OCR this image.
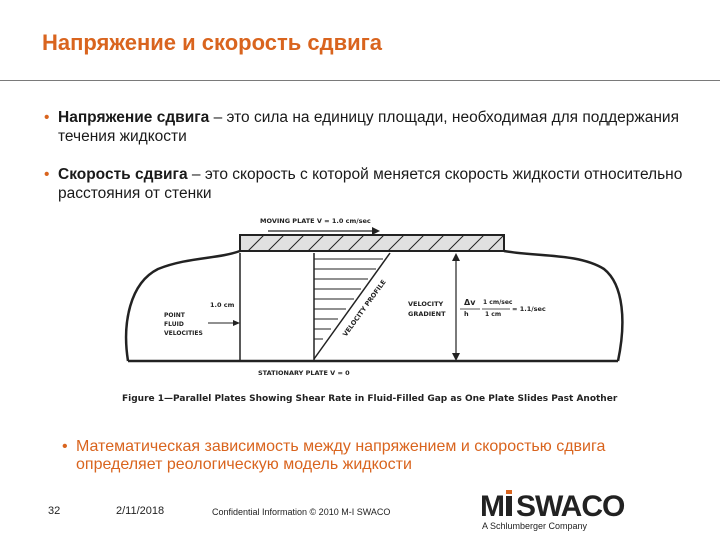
Напряжение и скорость сдвига
• Напряжение сдвига – это сила на единицу площади, необходимая для поддержания течения жидкости
• Скорость сдвига – это скорость с которой меняется скорость жидкости относительно расстояния от стенки
MOVING PLATE V = 1.0 cm/sec
VELOCITY PROFILE
1.0 cm
POINT
FLUID
VELOCITIES
VELOCITY
GRADIENT
Δv
h
1 cm/sec
1 cm
= 1.1/sec
STATIONARY PLATE V = 0
Figure 1—Parallel Plates Showing Shear Rate in Fluid-Filled Gap as One Plate Slides Past Another
• Математическая зависимость между напряжением и скоростью сдвига определяет реологическую модель жидкости
32	2/11/2018	Confidential Information © 2010 M-I SWACO	M SWACO
A Schlumberger Company
